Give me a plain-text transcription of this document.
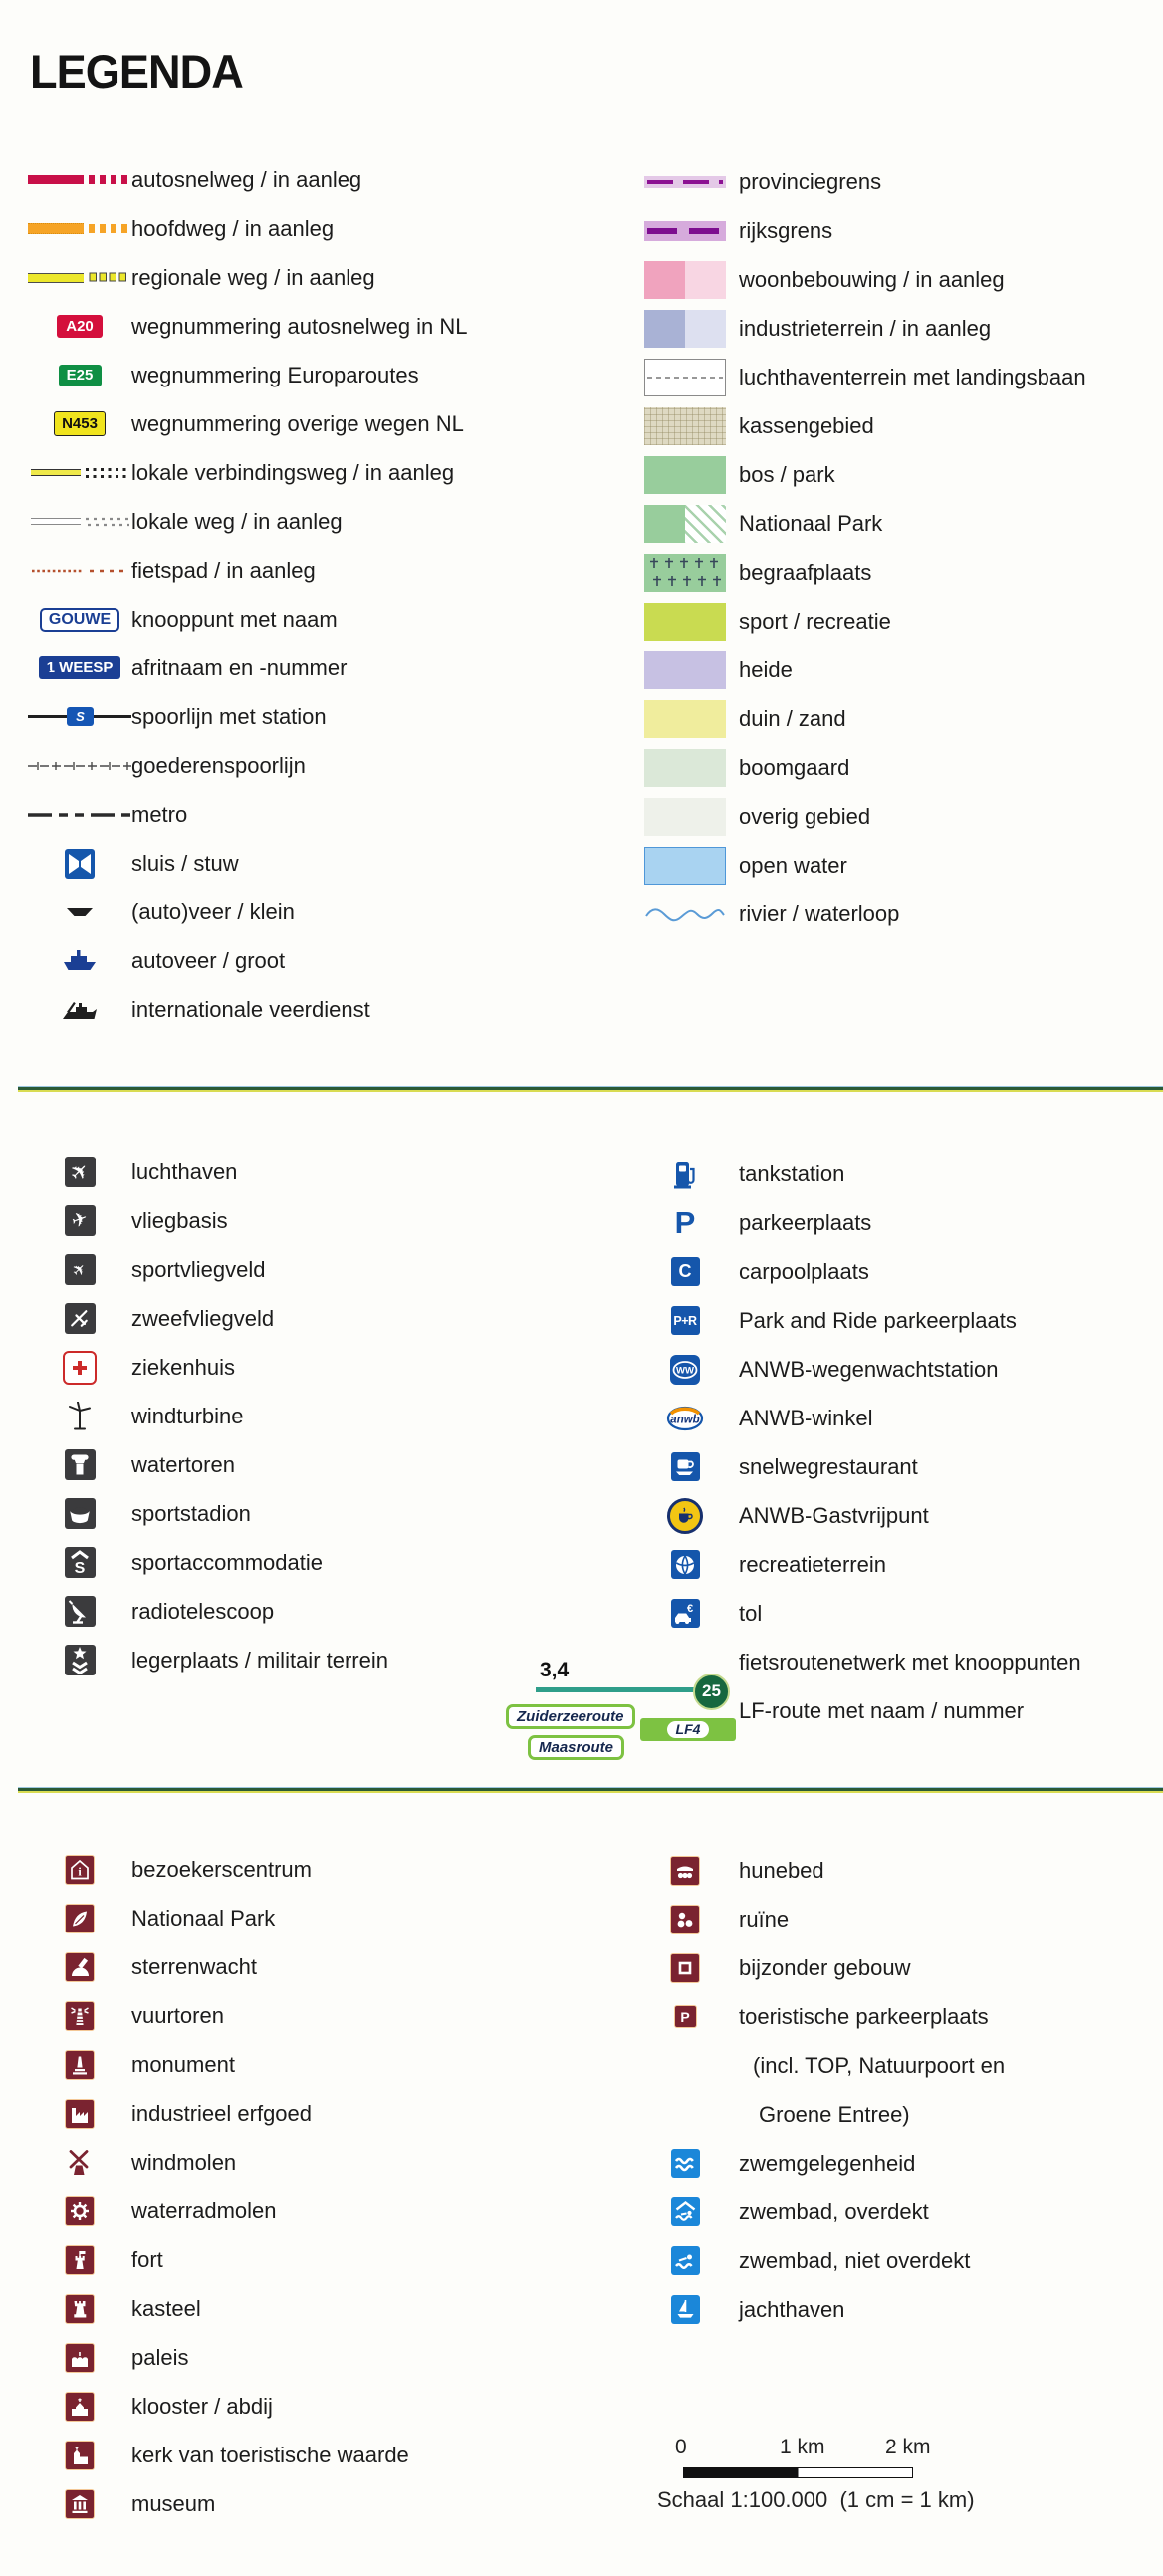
LEGENDA
autosnelweg / in aanleg
hoofdweg / in aanleg
regionale weg / in aanleg
A20	wegnummering autosnelweg in NL
E25	wegnummering Europaroutes
N453	wegnummering overige wegen NL
lokale verbindingsweg / in aanleg
lokale weg / in aanleg
fietspad / in aanleg
GOUWE knooppunt met naam
1 WEESP afritnaam en -nummer
S	spoorlijn met station
goederenspoorlijn
metro
sluis / stuw
(auto)veer / klein
autoveer / groot
internationale veerdienst
provinciegrens
rijksgrens
woonbebouwing / in aanleg
industrieterrein / in aanleg
luchthaventerrein met landingsbaan
kassengebied
bos / park
Nationaal Park
begraafplaats
sport / recreatie
heide
duin / zand
boomgaard
overig gebied
open water
rivier / waterloop
✈ luchthaven
✈ vliegbasis
✈ sportvliegveld
zweefvliegveld
ziekenhuis
windturbine
watertoren
sportstadion
S sportaccommodatie
radiotelescoop
legerplaats / militair terrein
tankstation
P parkeerplaats
C carpoolplaats
P+R Park and Ride parkeerplaats
WW ANWB-wegenwachtstation
anwb ANWB-winkel
snelwegrestaurant
ANWB-Gastvrijpunt
recreatieterrein
€ tol
3,4
25
fietsroutenetwerk met knooppunten
Zuiderzeeroute
Maasroute
LF4
LF-route met naam / nummer
i bezoekerscentrum
Nationaal Park
sterrenwacht
vuurtoren
monument
industrieel erfgoed
windmolen
waterradmolen
fort
kasteel
paleis
klooster / abdij
kerk van toeristische waarde
museum
hunebed
ruïne
bijzonder gebouw
P toeristische parkeerplaats
(incl. TOP, Natuurpoort en
Groene Entree)
zwemgelegenheid
zwembad, overdekt
zwembad, niet overdekt
jachthaven
0	1 km	2 km
Schaal 1:100.000  (1 cm = 1 km)
